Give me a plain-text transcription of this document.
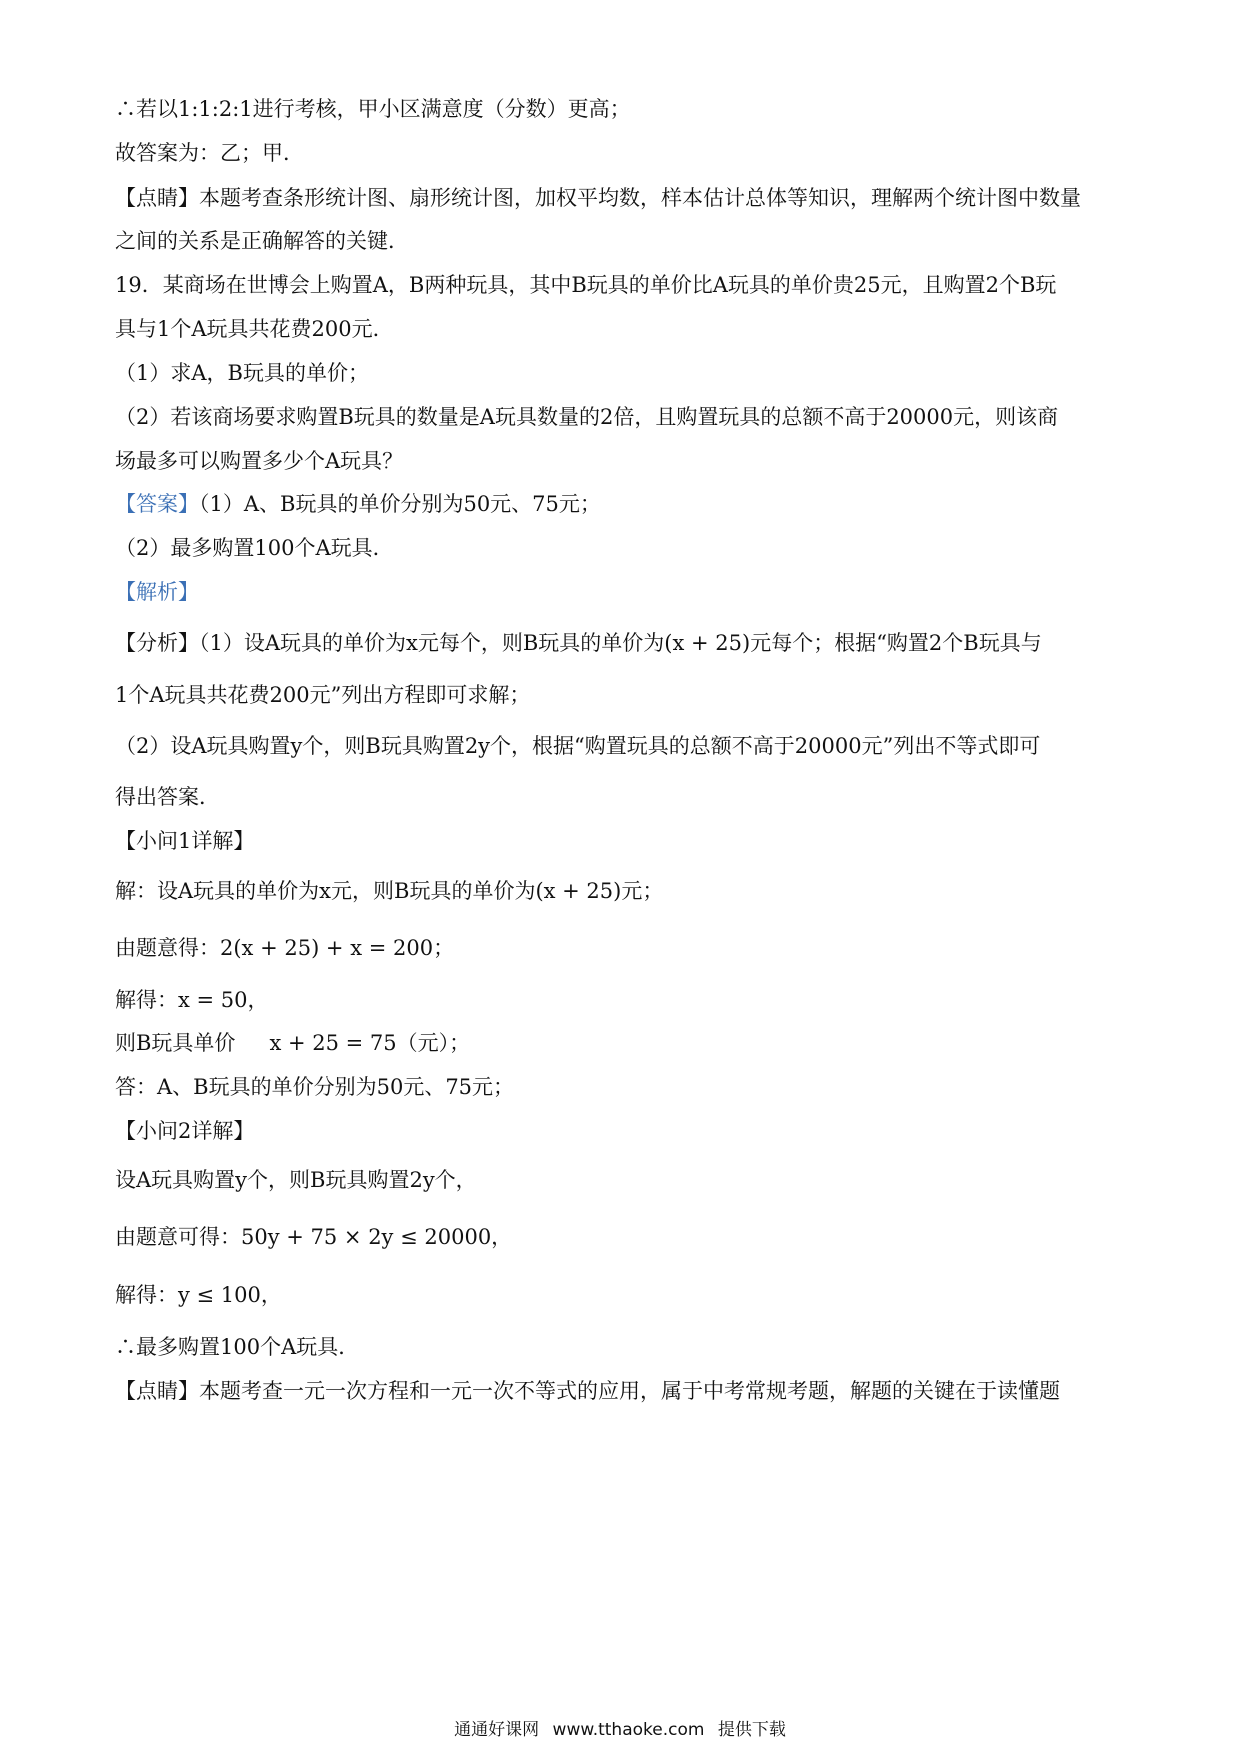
∴若以1:1:2:1进行考核，甲小区满意度（分数）更高；
故答案为：乙；甲．
【点睛】本题考查条形统计图、扇形统计图，加权平均数，样本估计总体等知识，理解两个统计图中数量
之间的关系是正确解答的关键．
19．某商场在世博会上购置A，B两种玩具，其中B玩具的单价比A玩具的单价贵25元，且购置2个B玩
具与1个A玩具共花费200元．
（1）求A，B玩具的单价；
（2）若该商场要求购置B玩具的数量是A玩具数量的2倍，且购置玩具的总额不高于20000元，则该商
场最多可以购置多少个A玩具？
【答案】（1）A、B玩具的单价分别为50元、75元；
（2）最多购置100个A玩具．
【解析】
【分析】（1）设A玩具的单价为x元每个，则B玩具的单价为(x + 25)元每个；根据“购置2个B玩具与
1个A玩具共花费200元”列出方程即可求解；
（2）设A玩具购置y个，则B玩具购置2y个，根据“购置玩具的总额不高于20000元”列出不等式即可
得出答案．
【小问1详解】
解：设A玩具的单价为x元，则B玩具的单价为(x + 25)元；
由题意得：2(x + 25) + x = 200；
解得：x = 50，
则B玩具单价 x + 25 = 75（元）；
答：A、B玩具的单价分别为50元、75元；
【小问2详解】
设A玩具购置y个，则B玩具购置2y个，
由题意可得：50y + 75 × 2y ≤ 20000，
解得：y ≤ 100，
∴最多购置100个A玩具．
【点睛】本题考查一元一次方程和一元一次不等式的应用，属于中考常规考题，解题的关键在于读懂题
通通好课网 www.tthaoke.com 提供下载
